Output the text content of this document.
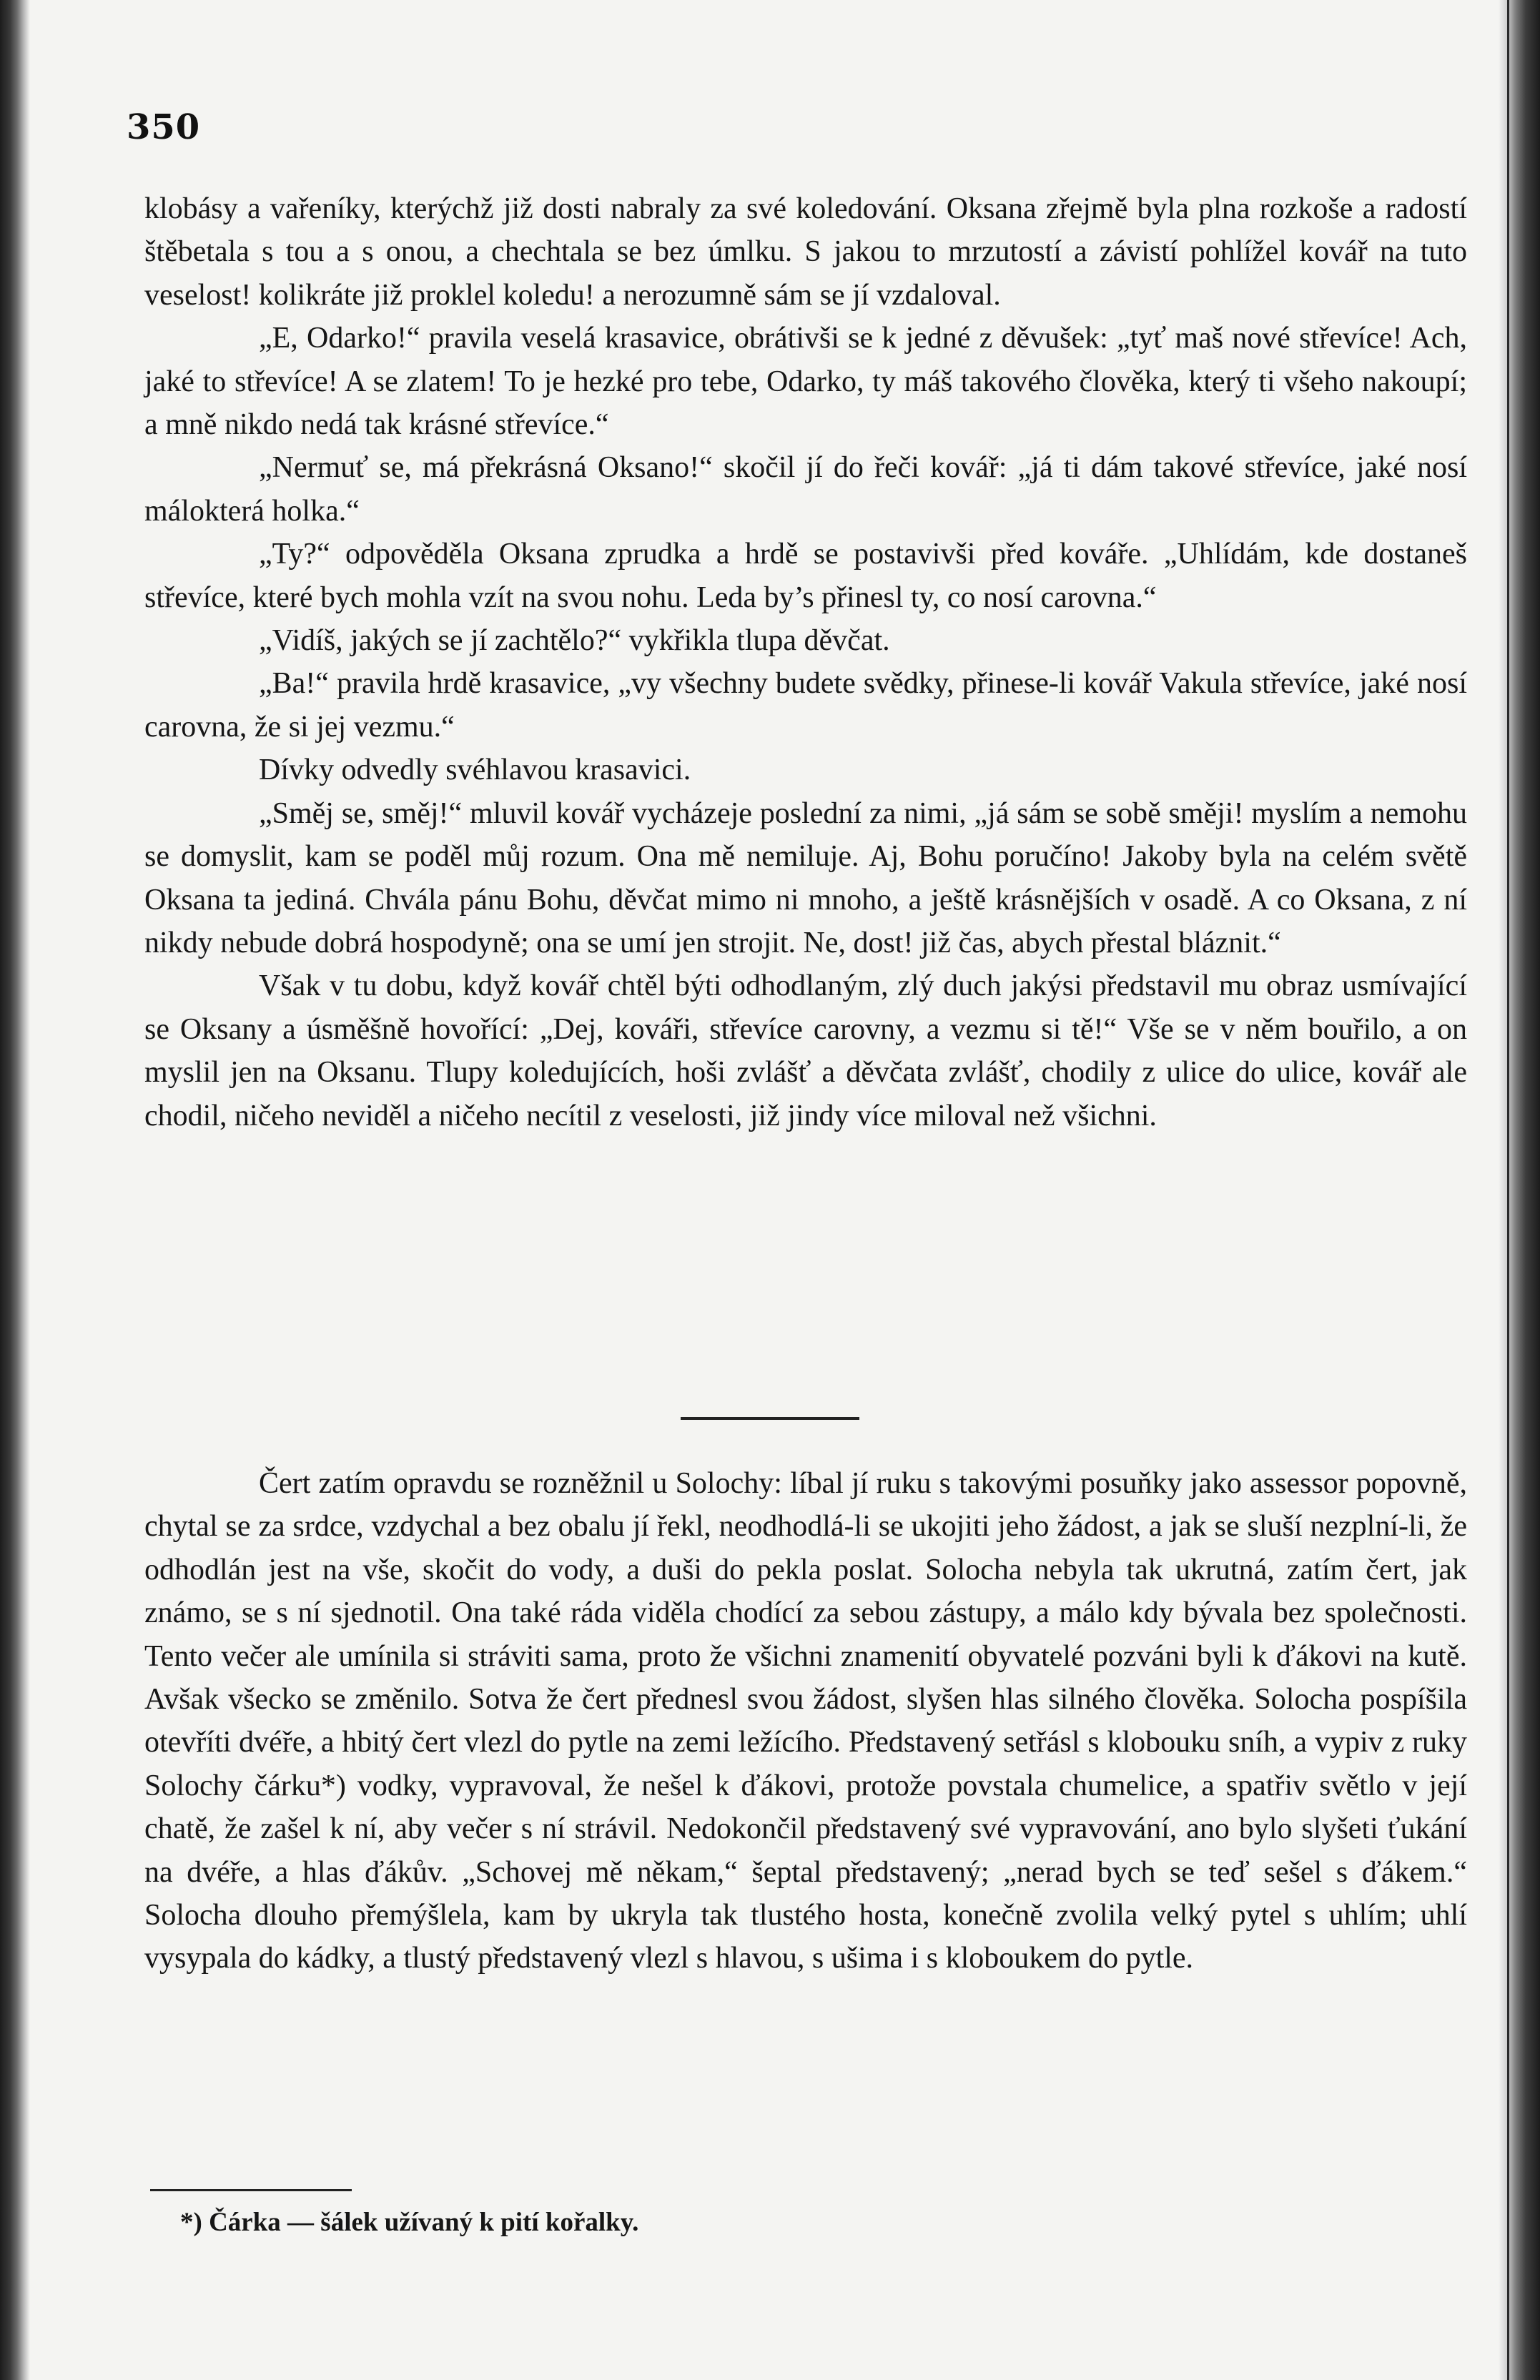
350

klobásy a vařeníky, kterýchž již dosti nabraly za své koledování. Oksana zřejmě byla plna rozkoše a radostí štěbetala s tou a s onou, a chechtala se bez úmlku. S jakou to mrzutostí a závistí pohlížel kovář na tuto veselost! kolikráte již proklel koledu! a nerozumně sám se jí vzdaloval.

„E, Odarko!“ pravila veselá krasavice, obrátivši se k jedné z děvušek: „tyť maš nové střevíce! Ach, jaké to střevíce! A se zlatem! To je hezké pro tebe, Odarko, ty máš takového člověka, který ti všeho nakoupí; a mně nikdo nedá tak krásné střevíce.“

„Nermuť se, má překrásná Oksano!“ skočil jí do řeči kovář: „já ti dám takové střevíce, jaké nosí málokterá holka.“

„Ty?“ odpověděla Oksana zprudka a hrdě se postavivši před kováře. „Uhlídám, kde dostaneš střevíce, které bych mohla vzít na svou nohu. Leda by’s přinesl ty, co nosí carovna.“

„Vidíš, jakých se jí zachtělo?“ vykřikla tlupa děvčat.

„Ba!“ pravila hrdě krasavice, „vy všechny budete svědky, přinese-li kovář Vakula střevíce, jaké nosí carovna, že si jej vezmu.“

Dívky odvedly svéhlavou krasavici.

„Směj se, směj!“ mluvil kovář vycházeje poslední za nimi, „já sám se sobě směji! myslím a nemohu se domyslit, kam se poděl můj rozum. Ona mě nemiluje. Aj, Bohu poručíno! Jakoby byla na celém světě Oksana ta jediná. Chvála pánu Bohu, děvčat mimo ni mnoho, a ještě krásnějších v osadě. A co Oksana, z ní nikdy nebude dobrá hospodyně; ona se umí jen strojit. Ne, dost! již čas, abych přestal bláznit.“

Však v tu dobu, když kovář chtěl býti odhodlaným, zlý duch jakýsi představil mu obraz usmívající se Oksany a úsměšně hovořící: „Dej, kováři, střevíce carovny, a vezmu si tě!“ Vše se v něm bouřilo, a on myslil jen na Oksanu. Tlupy koledujících, hoši zvlášť a děvčata zvlášť, chodily z ulice do ulice, kovář ale chodil, ničeho neviděl a ničeho necítil z veselosti, již jindy více miloval než všichni.

Čert zatím opravdu se rozněžnil u Solochy: líbal jí ruku s takovými posuňky jako assessor popovně, chytal se za srdce, vzdychal a bez obalu jí řekl, neodhodlá-li se ukojiti jeho žádost, a jak se sluší nezplní-li, že odhodlán jest na vše, skočit do vody, a duši do pekla poslat. Solocha nebyla tak ukrutná, zatím čert, jak známo, se s ní sjednotil. Ona také ráda viděla chodící za sebou zástupy, a málo kdy bývala bez společnosti. Tento večer ale umínila si stráviti sama, proto že všichni znamenití obyvatelé pozváni byli k ďákovi na kutě. Avšak všecko se změnilo. Sotva že čert přednesl svou žádost, slyšen hlas silného člověka. Solocha pospíšila otevříti dvéře, a hbitý čert vlezl do pytle na zemi ležícího. Představený setřásl s klobouku sníh, a vypiv z ruky Solochy čárku*) vodky, vypravoval, že nešel k ďákovi, protože povstala chumelice, a spatřiv světlo v její chatě, že zašel k ní, aby večer s ní strávil. Nedokončil představený své vypravování, ano bylo slyšeti ťukání na dvéře, a hlas ďákův. „Schovej mě někam,“ šeptal představený; „nerad bych se teď sešel s ďákem.“ Solocha dlouho přemýšlela, kam by ukryla tak tlustého hosta, konečně zvolila velký pytel s uhlím; uhlí vysypala do kádky, a tlustý představený vlezl s hlavou, s ušima i s kloboukem do pytle.

*) Čárka — šálek užívaný k pití kořalky.
